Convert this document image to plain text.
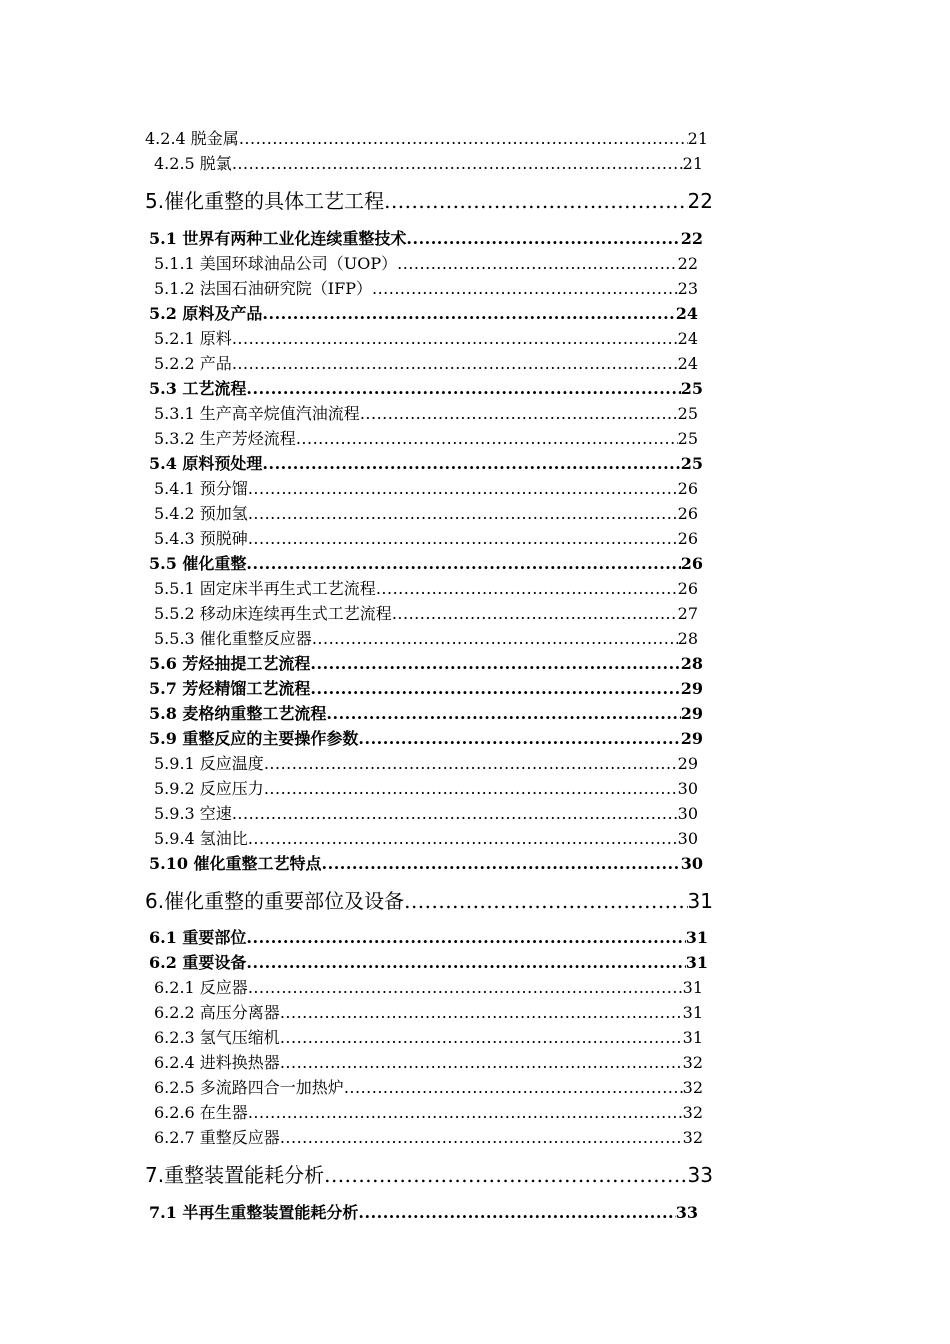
4.2.4 脱金属 .....	21
4.2.5 脱氯 .....	21
5.催化重整的具体工艺工程 .....	22
5.1 世界有两种工业化连续重整技术 .....	22
5.1.1 美国环球油品公司（UOP） .....	22
5.1.2 法国石油研究院（IFP） .....	23
5.2 原料及产品 .....	24
5.2.1 原料 .....	24
5.2.2 产品 .....	24
5.3 工艺流程 .....	25
5.3.1 生产高辛烷值汽油流程 .....	25
5.3.2 生产芳烃流程 .....	25
5.4 原料预处理 .....	25
5.4.1 预分馏 .....	26
5.4.2 预加氢 .....	26
5.4.3 预脱砷 .....	26
5.5 催化重整 .....	26
5.5.1 固定床半再生式工艺流程 .....	26
5.5.2 移动床连续再生式工艺流程 .....	27
5.5.3 催化重整反应器 .....	28
5.6 芳烃抽提工艺流程 .....	28
5.7 芳烃精馏工艺流程 .....	29
5.8 麦格纳重整工艺流程 .....	29
5.9 重整反应的主要操作参数 .....	29
5.9.1 反应温度 .....	29
5.9.2 反应压力 .....	30
5.9.3 空速 .....	30
5.9.4 氢油比 .....	30
5.10 催化重整工艺特点 .....	30
6.催化重整的重要部位及设备 .....	31
6.1 重要部位 .....	31
6.2 重要设备 .....	31
6.2.1 反应器 .....	31
6.2.2 高压分离器 .....	31
6.2.3 氢气压缩机 .....	31
6.2.4 进料换热器 .....	32
6.2.5 多流路四合一加热炉 .....	32
6.2.6 在生器 .....	32
6.2.7 重整反应器 .....	32
7.重整装置能耗分析 .....	33
7.1 半再生重整装置能耗分析 .....	33
